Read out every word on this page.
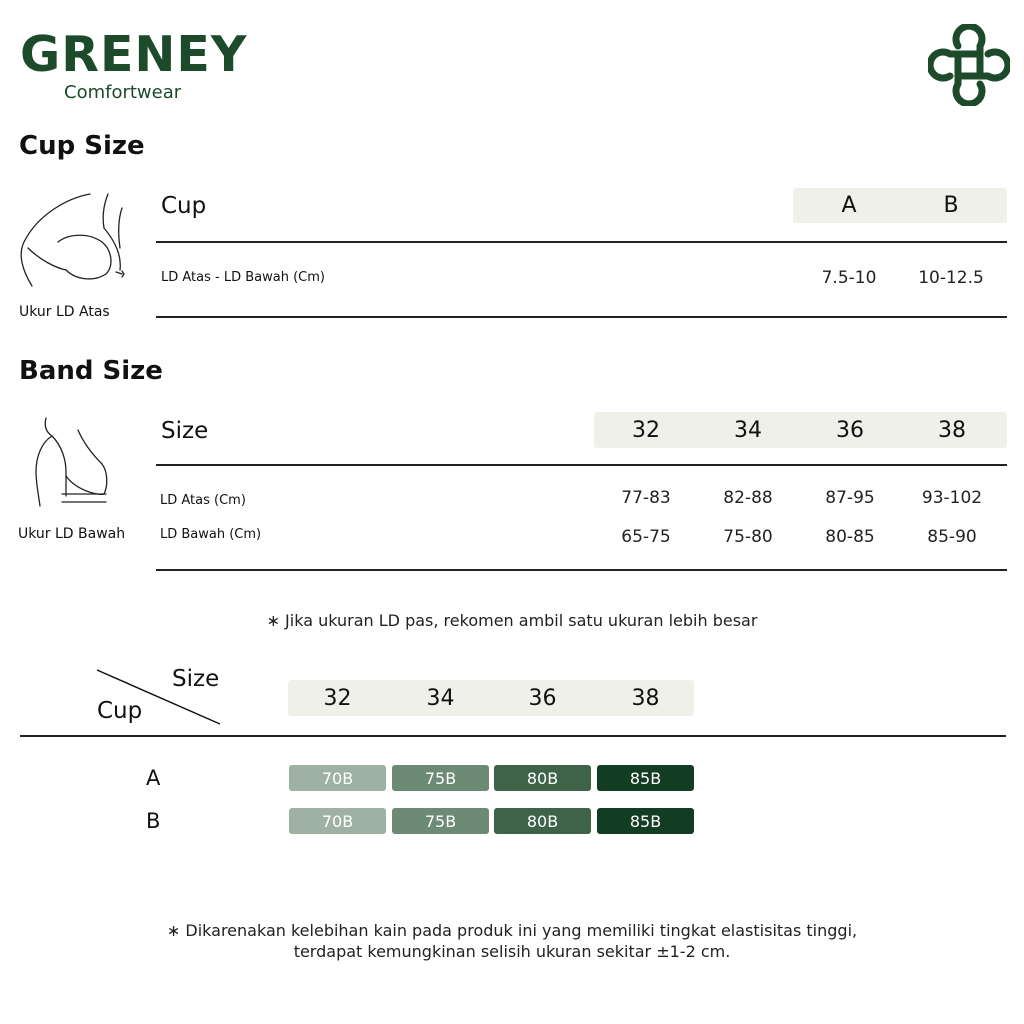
GRENEY
Comfortwear
Cup Size
Ukur LD Atas
Cup	A	B
LD Atas - LD Bawah (Cm)	7.5-10	10-12.5
Band Size
Ukur LD Bawah
Size	32	34	36	38
LD Atas (Cm)	77-83	82-88	87-95	93-102
LD Bawah (Cm)	65-75	75-80	80-85	85-90
∗ Jika ukuran LD pas, rekomen ambil satu ukuran lebih besar
Size
Cup	32	34	36	38
A	70B	75B	80B	85B
B	70B	75B	80B	85B
∗ Dikarenakan kelebihan kain pada produk ini yang memiliki tingkat elastisitas tinggi,
terdapat kemungkinan selisih ukuran sekitar ±1-2 cm.
